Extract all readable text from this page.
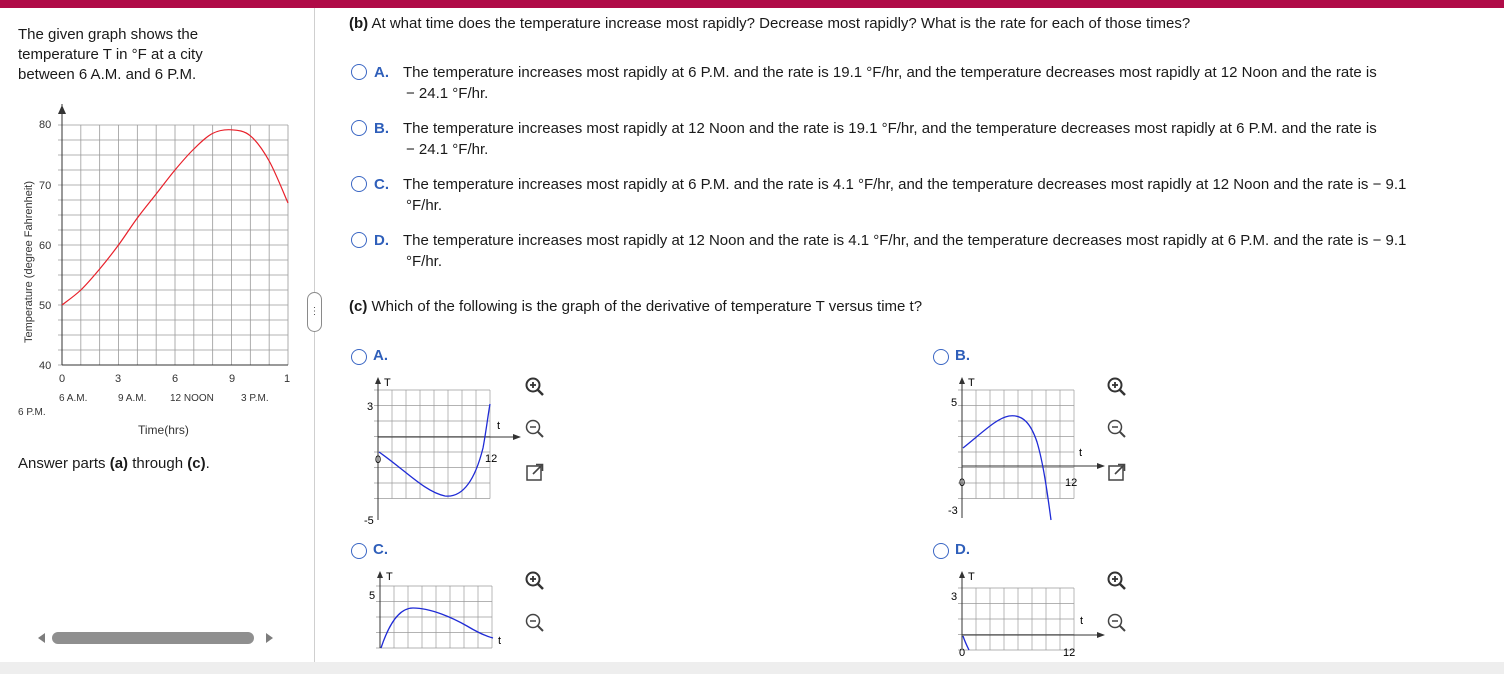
The given graph shows the temperature T in °F at a city between 6 A.M. and 6 P.M.
80
70
60
50
40
0	3	6	9	1
6 A.M.	9 A.M. 12 NOON	3 P.M.
6 P.M.
Temperature (degree Fahrenheit)
Time(hrs)
Answer parts (a) through (c).
⋮
(b) At what time does the temperature increase most rapidly? Decrease most rapidly? What is the rate for each of those times?
A. The temperature increases most rapidly at 6 P.M. and the rate is 19.1 °F/hr, and the temperature decreases most rapidly at 12 Noon and the rate is
− 24.1 °F/hr.
B. The temperature increases most rapidly at 12 Noon and the rate is 19.1 °F/hr, and the temperature decreases most rapidly at 6 P.M. and the rate is
− 24.1 °F/hr.
C. The temperature increases most rapidly at 6 P.M. and the rate is 4.1 °F/hr, and the temperature decreases most rapidly at 12 Noon and the rate is − 9.1
°F/hr.
D. The temperature increases most rapidly at 12 Noon and the rate is 4.1 °F/hr, and the temperature decreases most rapidly at 6 P.M. and the rate is − 9.1
°F/hr.
(c) Which of the following is the graph of the derivative of temperature T versus time t?
A.
T
t
3
-5
12
0
B.
T
t
5
-3
12
0
C.
T
t
5
D.
T
t
3
12
0
